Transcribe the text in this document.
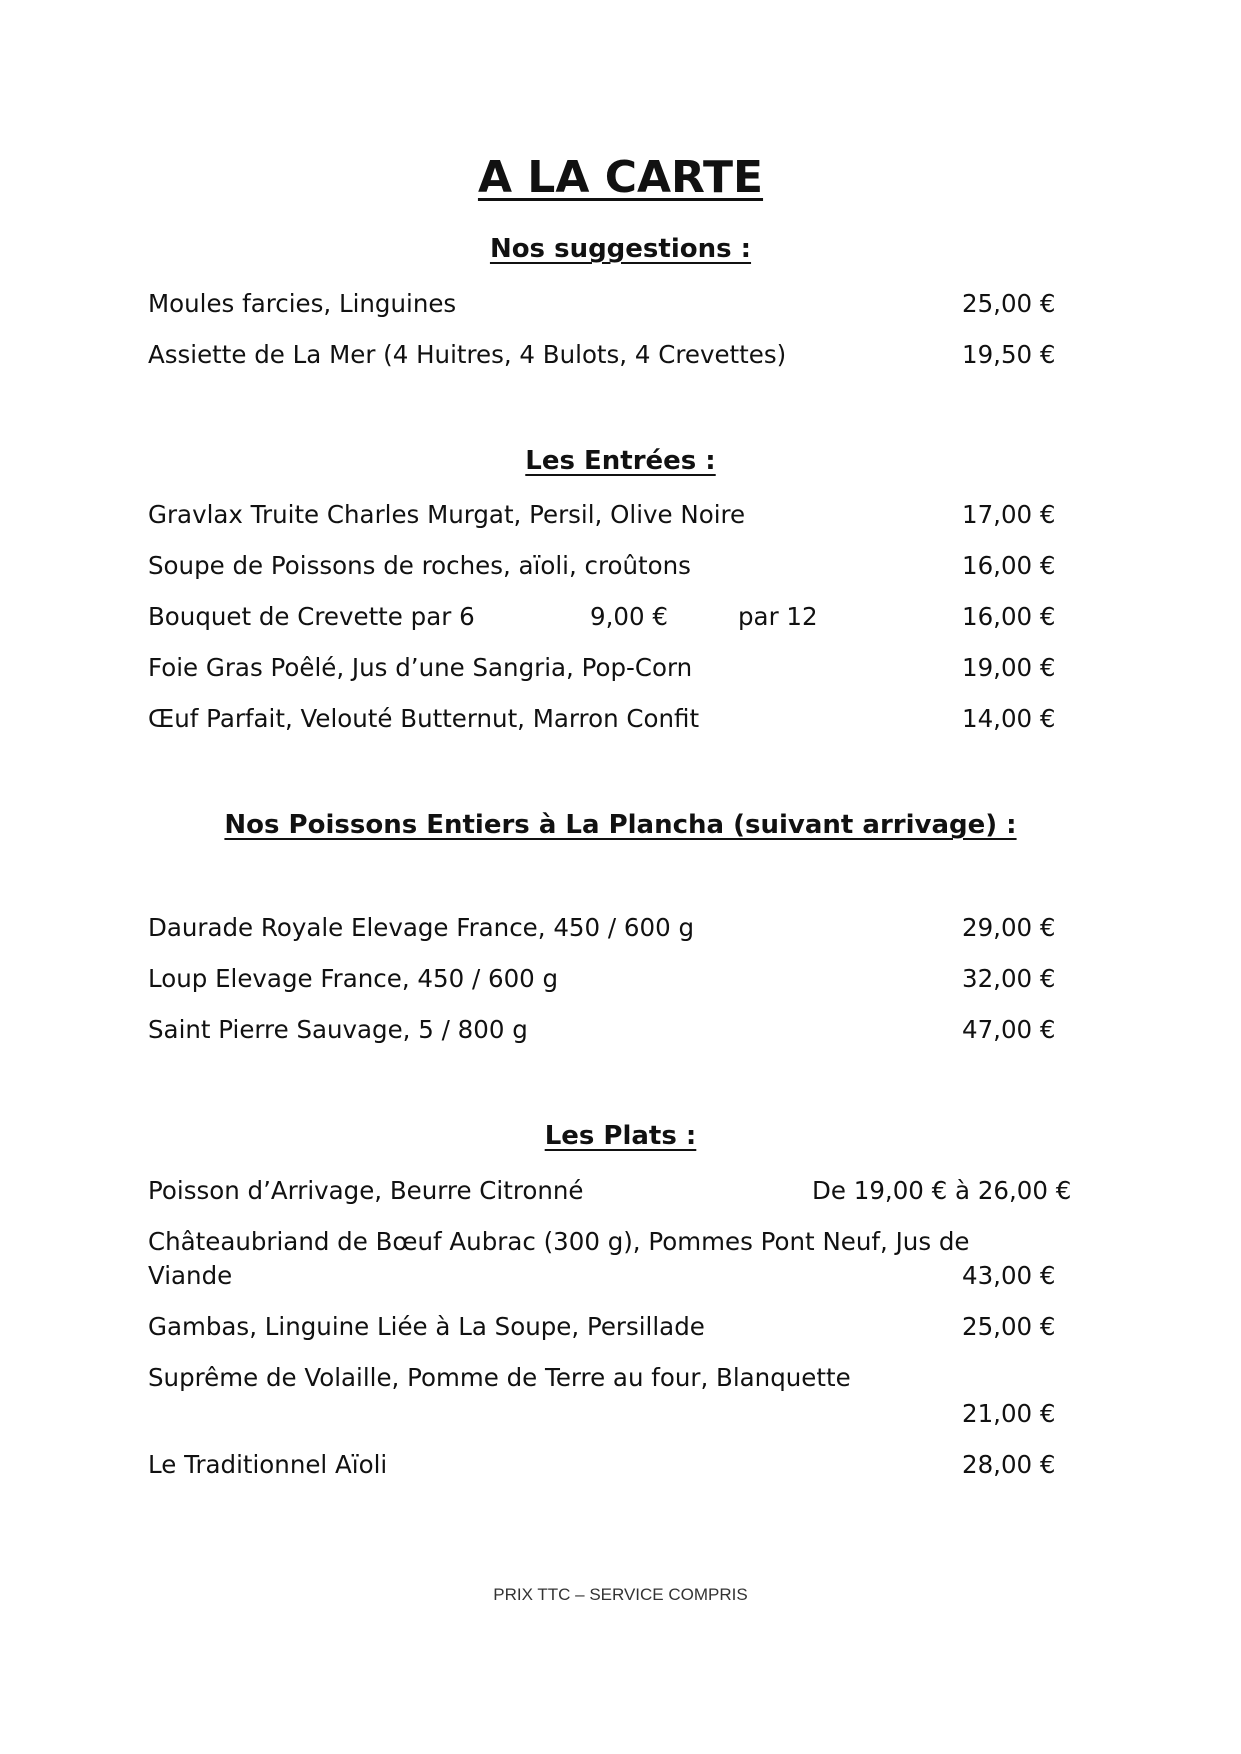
A LA CARTE
Nos suggestions :
Moules farcies, Linguines	25,00 €
Assiette de La Mer (4 Huitres, 4 Bulots, 4 Crevettes)	19,50 €
Les Entrées :
Gravlax Truite Charles Murgat, Persil, Olive Noire	17,00 €
Soupe de Poissons de roches, aïoli, croûtons	16,00 €
Bouquet de Crevette par 6	9,00 €	par 12	16,00 €
Foie Gras Poêlé, Jus d’une Sangria, Pop-Corn	19,00 €
Œuf Parfait, Velouté Butternut, Marron Confit	14,00 €
Nos Poissons Entiers à La Plancha (suivant arrivage) :
Daurade Royale Elevage France, 450 / 600 g	29,00 €
Loup Elevage France, 450 / 600 g	32,00 €
Saint Pierre Sauvage, 5 / 800 g	47,00 €
Les Plats :
Poisson d’Arrivage, Beurre Citronné	De 19,00 € à 26,00 €
Châteaubriand de Bœuf Aubrac (300 g), Pommes Pont Neuf, Jus de
Viande	43,00 €
Gambas, Linguine Liée à La Soupe, Persillade	25,00 €
Suprême de Volaille, Pomme de Terre au four, Blanquette
21,00 €
Le Traditionnel Aïoli	28,00 €
PRIX TTC – SERVICE COMPRIS
